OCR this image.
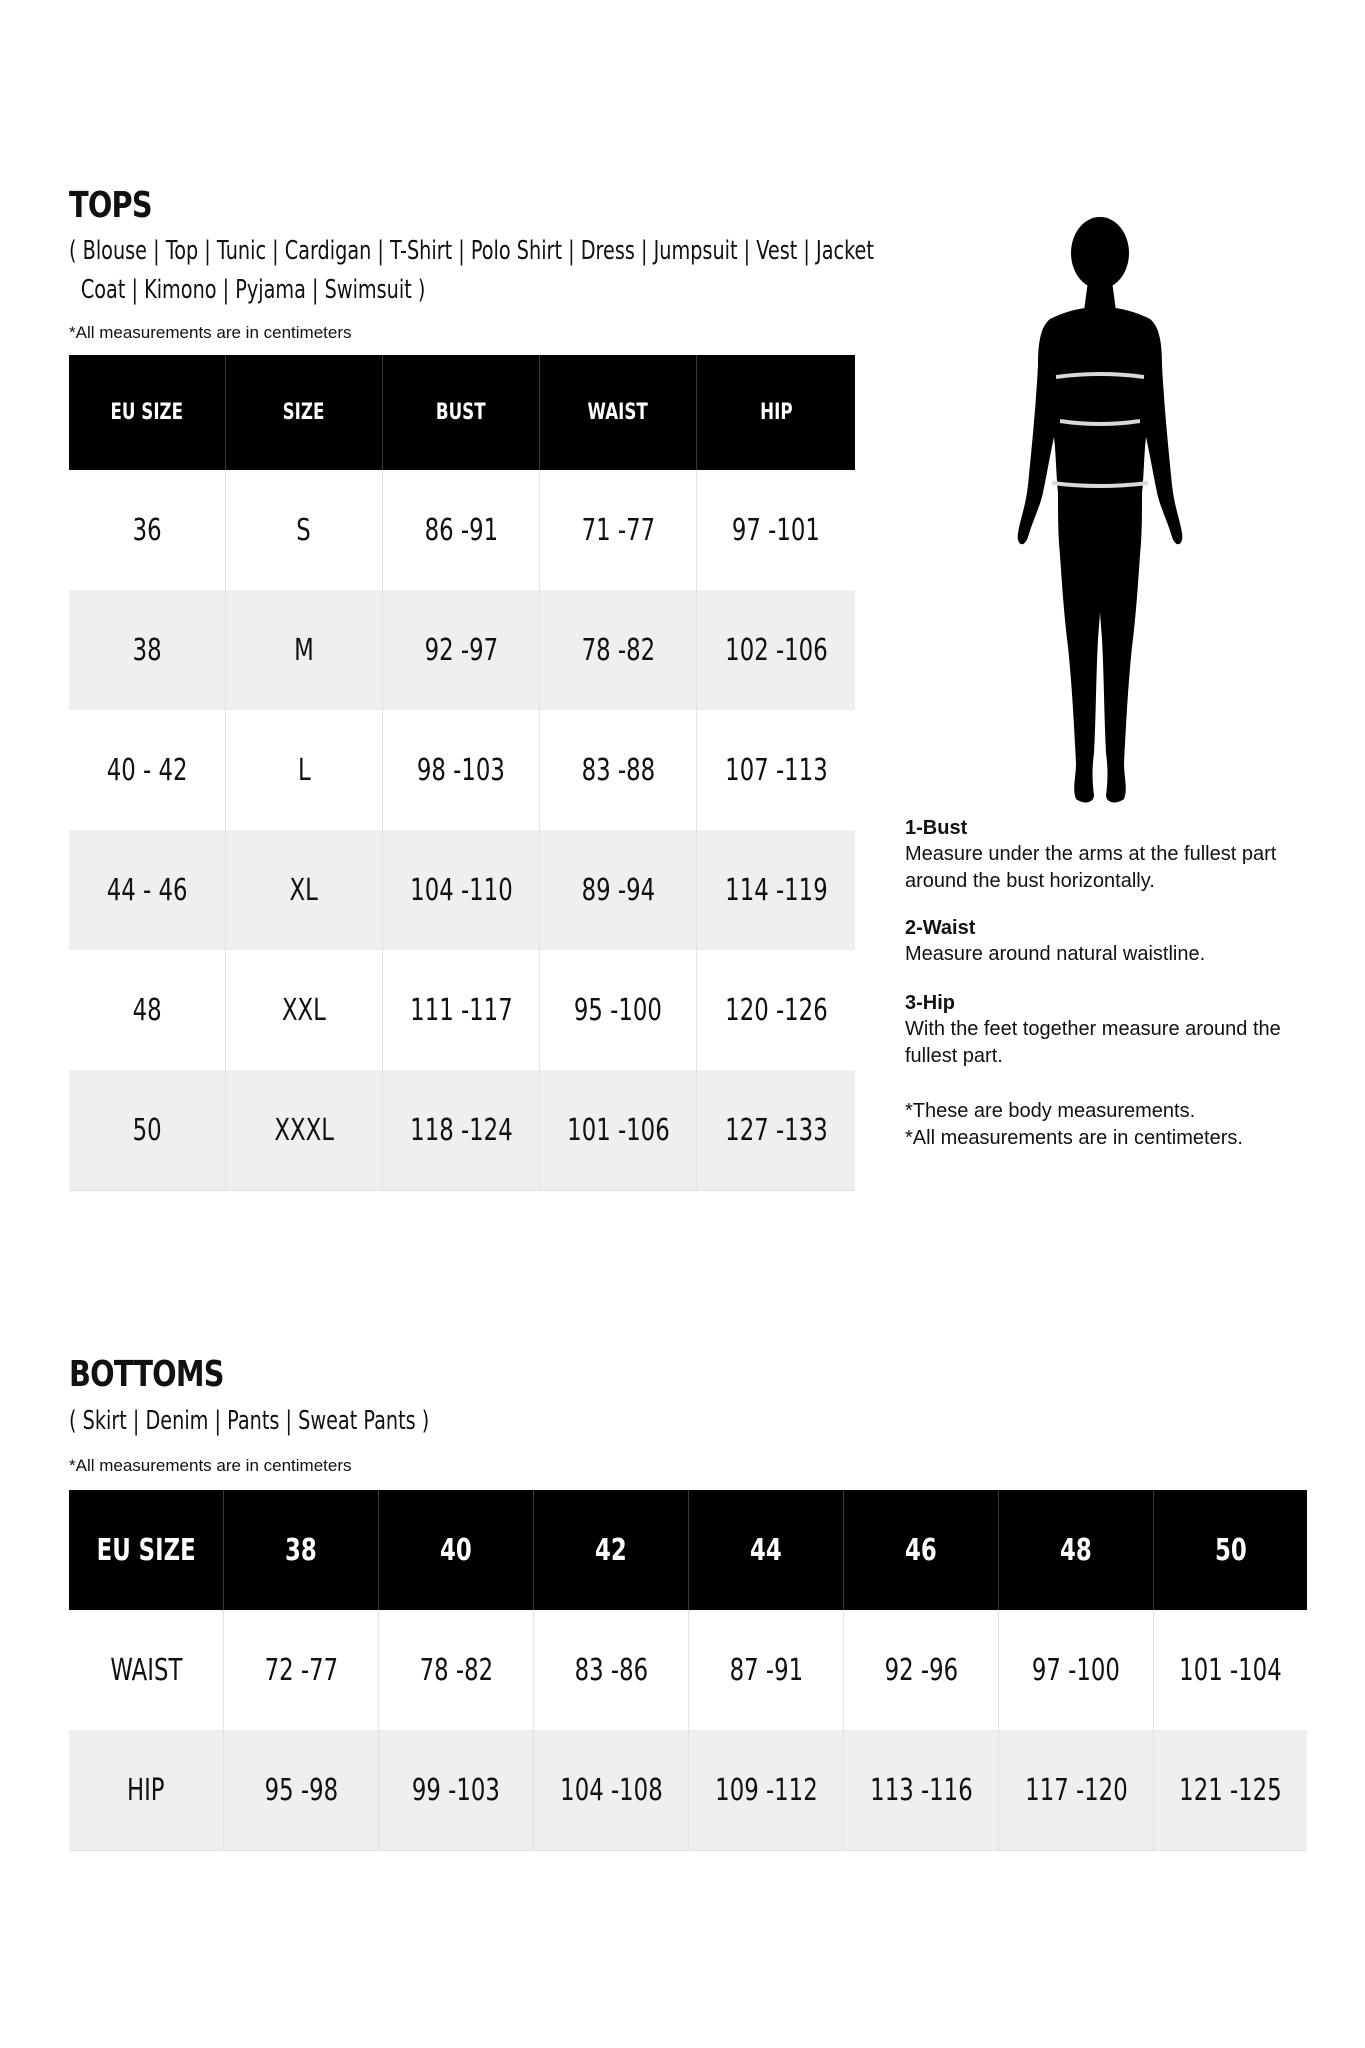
TOPS

( Blouse | Top | Tunic | Cardigan | T-Shirt | Polo Shirt | Dress | Jumpsuit | Vest | Jacket
Coat | Kimono | Pyjama | Swimsuit )

*All measurements are in centimeters

EU SIZE	SIZE	BUST	WAIST	HIP
36	S	86 -91	71 -77	97 -101
38	M	92 -97	78 -82	102 -106
40 - 42	L	98 -103	83 -88	107 -113
44 - 46	XL	104 -110	89 -94	114 -119
48	XXL	111 -117	95 -100	120 -126
50	XXXL	118 -124	101 -106	127 -133
1-Bust
Measure under the arms at the fullest part
around the bust horizontally.
2-Waist
Measure around natural waistline.
3-Hip
With the feet together measure around the
fullest part.
*These are body measurements.
*All measurements are in centimeters.
BOTTOMS

( Skirt | Denim | Pants | Sweat Pants )

*All measurements are in centimeters

EU SIZE	38	40	42	44	46	48	50
WAIST	72 -77	78 -82	83 -86	87 -91	92 -96	97 -100	101 -104
HIP	95 -98	99 -103	104 -108	109 -112	113 -116	117 -120	121 -125
